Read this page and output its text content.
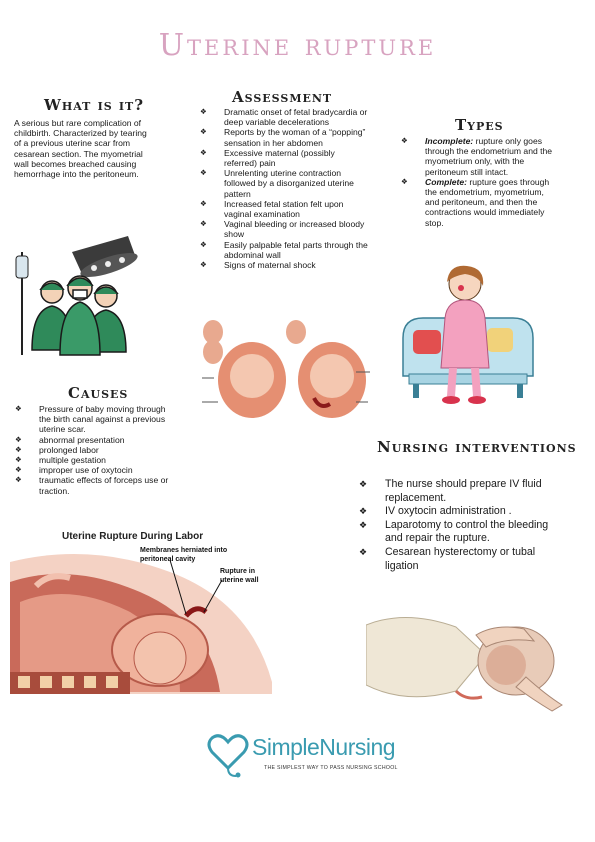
Uterine rupture
What is it?

A serious but rare complication of childbirth. Characterized by tearing of a previous uterine scar from cesarean section. The myometrial wall becomes breached causing hemorrhage into the peritoneum.

Assessment
❖ Dramatic onset of fetal bradycardia or deep variable decelerations
❖ Reports by the woman of a “popping” sensation in her abdomen
❖ Excessive maternal (possibly referred) pain
❖ Unrelenting uterine contraction followed by a disorganized uterine pattern
❖ Increased fetal station felt upon vaginal examination
❖ Vaginal bleeding or increased bloody show
❖ Easily palpable fetal parts through the abdominal wall
❖ Signs of maternal shock
Types
❖ Incomplete: rupture only goes through the endometrium and the myometrium only, with the peritoneum still intact.
❖ Complete: rupture goes through the endometrium, myometrium, and peritoneum, and then the contractions would immediately stop.
Causes
❖ Pressure of baby moving through the birth canal against a previous uterine scar.
❖ abnormal presentation
❖ prolonged labor
❖ multiple gestation
❖ improper use of oxytocin
❖ traumatic effects of forceps use or traction.
Nursing interventions
❖ The nurse should prepare IV fluid replacement.
❖ IV oxytocin administration .
❖ Laparotomy to control the bleeding and repair the rupture.
❖ Cesarean hysterectomy or tubal ligation
Uterine Rupture During Labor
Membranes herniated into peritoneal cavity
Rupture in uterine wall
SimpleNursing
THE SIMPLEST WAY TO PASS NURSING SCHOOL
